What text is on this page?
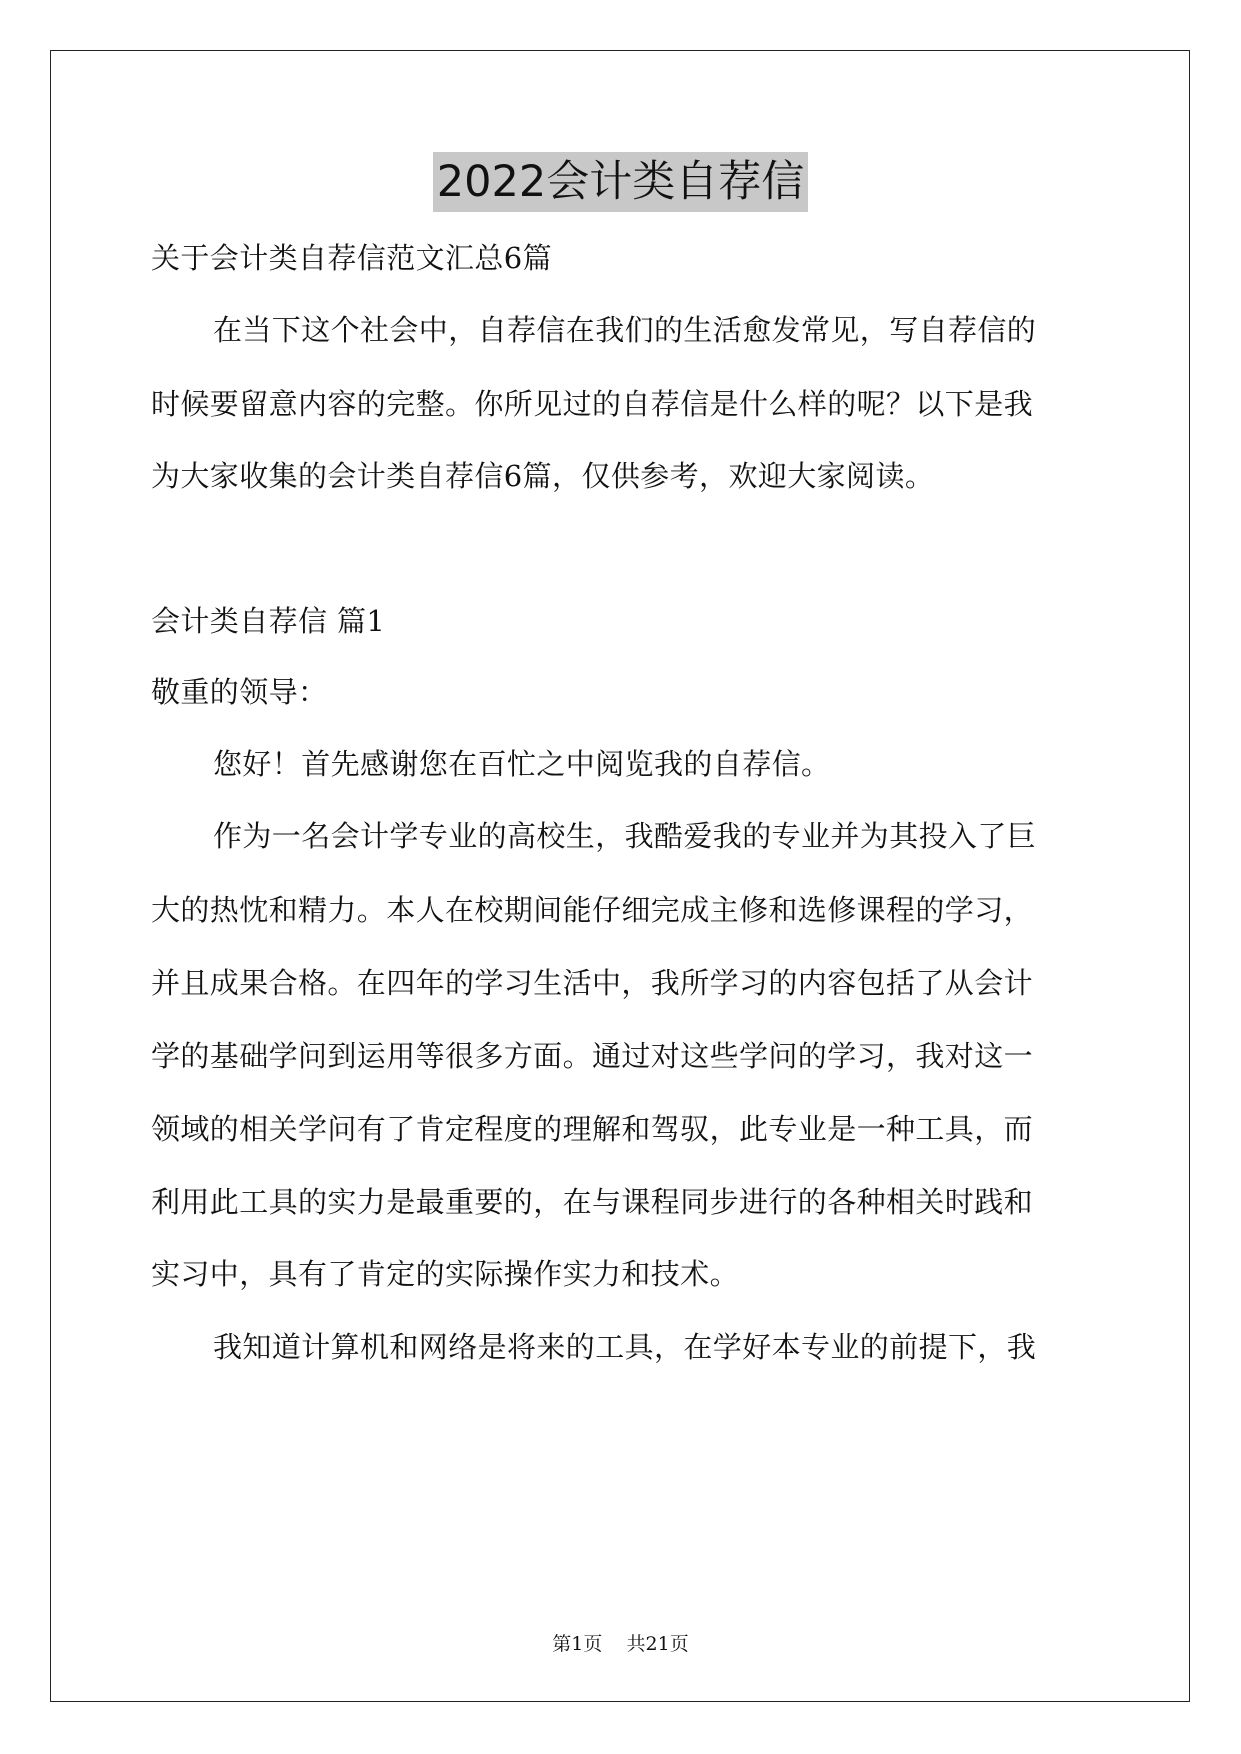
2022会计类自荐信
关于会计类自荐信范文汇总6篇
在当下这个社会中，自荐信在我们的生活愈发常见，写自荐信的
时候要留意内容的完整。你所见过的自荐信是什么样的呢？以下是我
为大家收集的会计类自荐信6篇，仅供参考，欢迎大家阅读。
会计类自荐信 篇1
敬重的领导：
您好！首先感谢您在百忙之中阅览我的自荐信。
作为一名会计学专业的高校生，我酷爱我的专业并为其投入了巨
大的热忱和精力。本人在校期间能仔细完成主修和选修课程的学习，
并且成果合格。在四年的学习生活中，我所学习的内容包括了从会计
学的基础学问到运用等很多方面。通过对这些学问的学习，我对这一
领域的相关学问有了肯定程度的理解和驾驭，此专业是一种工具，而
利用此工具的实力是最重要的，在与课程同步进行的各种相关时践和
实习中，具有了肯定的实际操作实力和技术。
我知道计算机和网络是将来的工具，在学好本专业的前提下，我
第1页 共21页
